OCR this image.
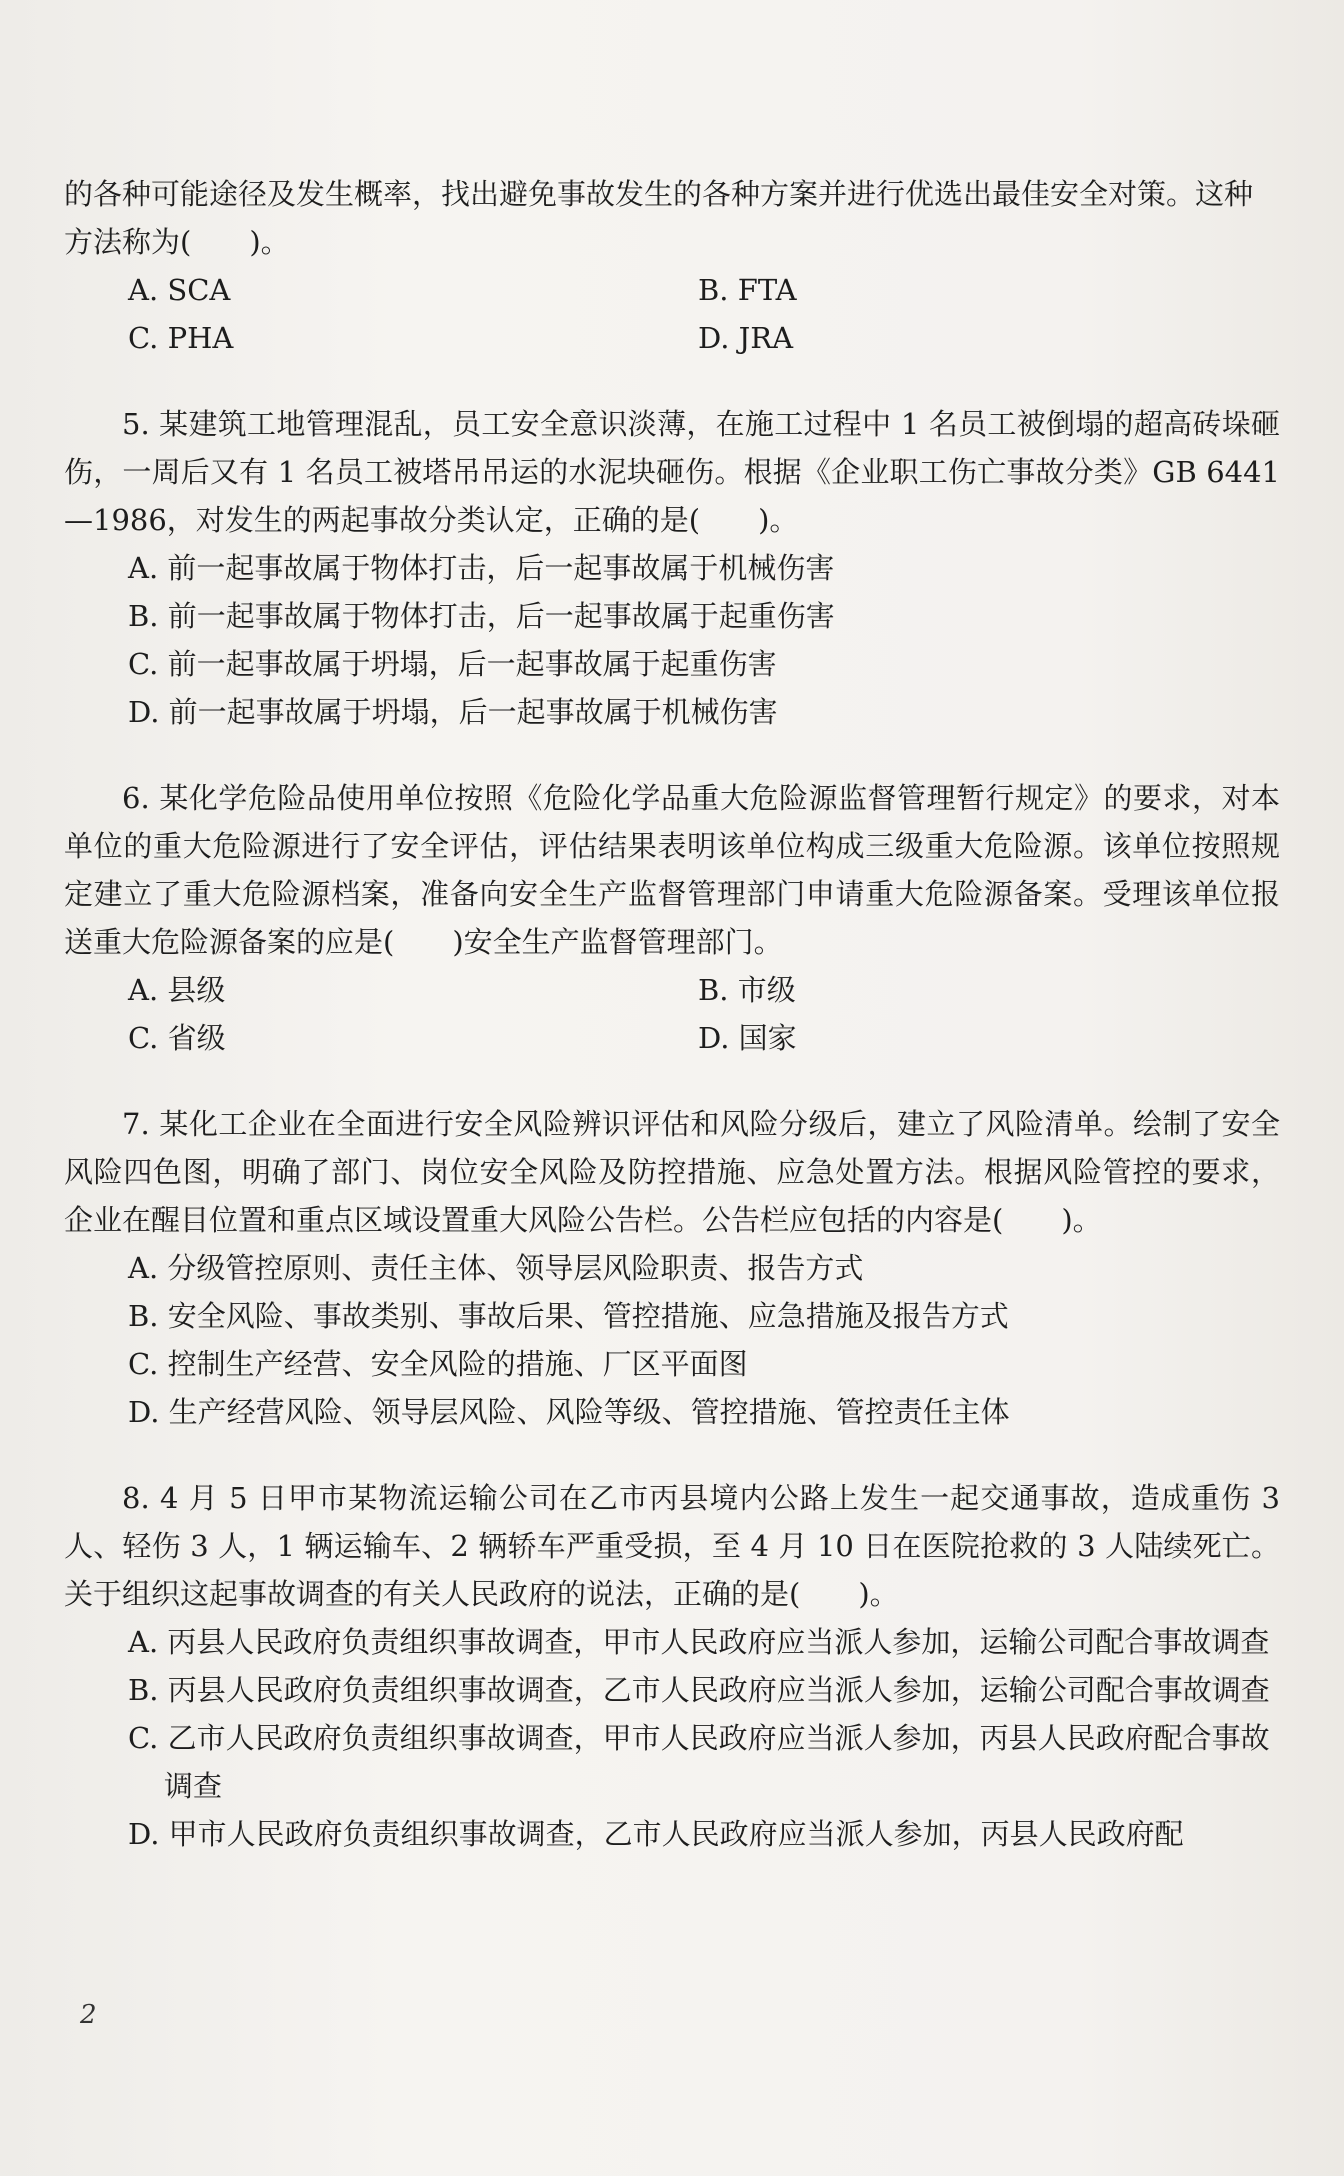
的各种可能途径及发生概率，找出避免事故发生的各种方案并进行优选出最佳安全对策。这种方法称为(　　)。

A. SCA	B. FTA
C. PHA	D. JRA

5. 某建筑工地管理混乱，员工安全意识淡薄，在施工过程中 1 名员工被倒塌的超高砖垛砸伤，一周后又有 1 名员工被塔吊吊运的水泥块砸伤。根据《企业职工伤亡事故分类》GB 6441—1986，对发生的两起事故分类认定，正确的是(　　)。

A. 前一起事故属于物体打击，后一起事故属于机械伤害
B. 前一起事故属于物体打击，后一起事故属于起重伤害
C. 前一起事故属于坍塌，后一起事故属于起重伤害
D. 前一起事故属于坍塌，后一起事故属于机械伤害

6. 某化学危险品使用单位按照《危险化学品重大危险源监督管理暂行规定》的要求，对本单位的重大危险源进行了安全评估，评估结果表明该单位构成三级重大危险源。该单位按照规定建立了重大危险源档案，准备向安全生产监督管理部门申请重大危险源备案。受理该单位报送重大危险源备案的应是(　　)安全生产监督管理部门。

A. 县级	B. 市级
C. 省级	D. 国家

7. 某化工企业在全面进行安全风险辨识评估和风险分级后，建立了风险清单。绘制了安全风险四色图，明确了部门、岗位安全风险及防控措施、应急处置方法。根据风险管控的要求，企业在醒目位置和重点区域设置重大风险公告栏。公告栏应包括的内容是(　　)。

A. 分级管控原则、责任主体、领导层风险职责、报告方式
B. 安全风险、事故类别、事故后果、管控措施、应急措施及报告方式
C. 控制生产经营、安全风险的措施、厂区平面图
D. 生产经营风险、领导层风险、风险等级、管控措施、管控责任主体

8. 4 月 5 日甲市某物流运输公司在乙市丙县境内公路上发生一起交通事故，造成重伤 3 人、轻伤 3 人，1 辆运输车、2 辆轿车严重受损，至 4 月 10 日在医院抢救的 3 人陆续死亡。关于组织这起事故调查的有关人民政府的说法，正确的是(　　)。

A. 丙县人民政府负责组织事故调查，甲市人民政府应当派人参加，运输公司配合事故调查
B. 丙县人民政府负责组织事故调查，乙市人民政府应当派人参加，运输公司配合事故调查
C. 乙市人民政府负责组织事故调查，甲市人民政府应当派人参加，丙县人民政府配合事故调查
D. 甲市人民政府负责组织事故调查，乙市人民政府应当派人参加，丙县人民政府配
2
